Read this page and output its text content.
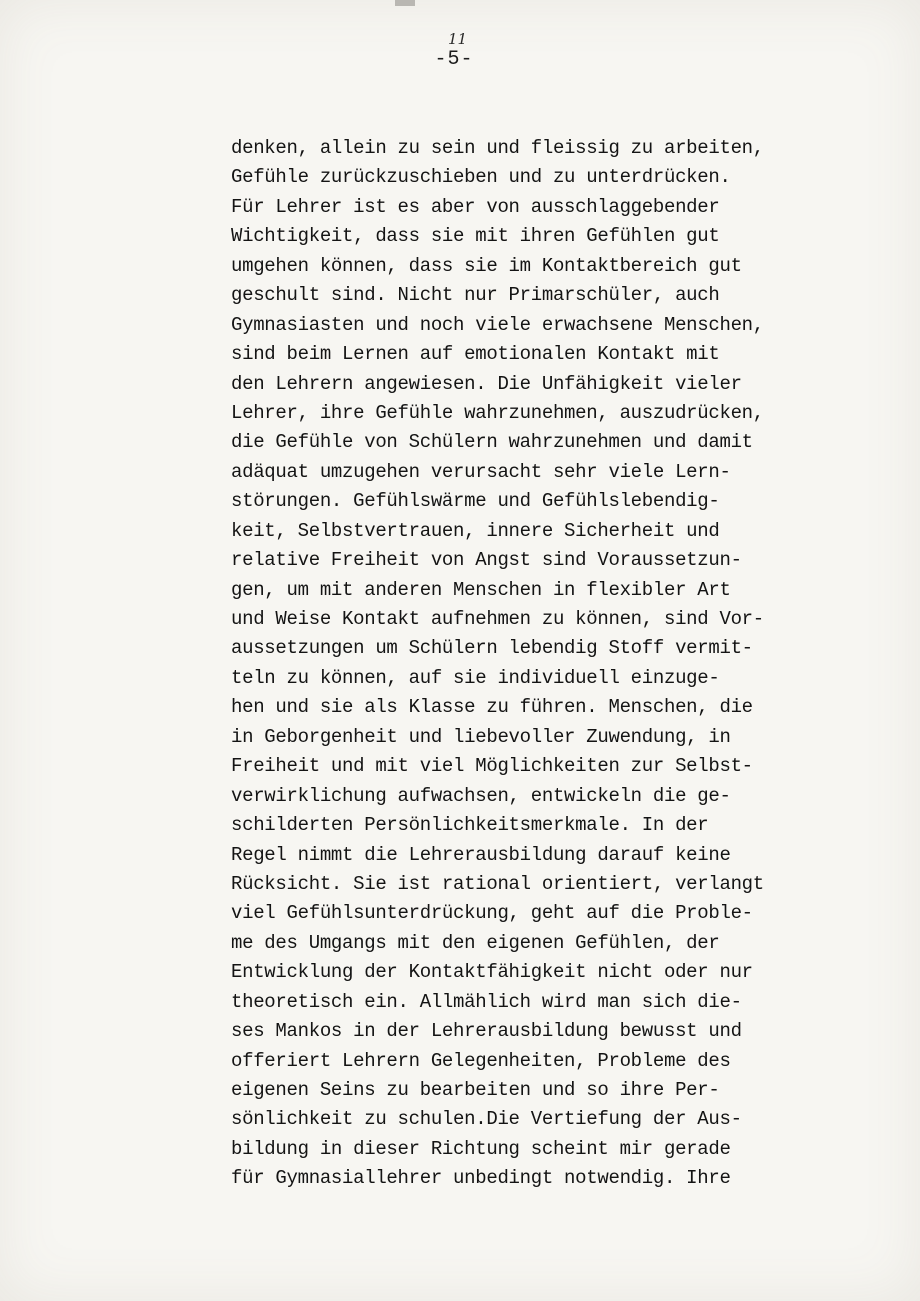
11
-5-
denken, allein zu sein und fleissig zu arbeiten,
Gefühle zurückzuschieben und zu unterdrücken.
Für Lehrer ist es aber von ausschlaggebender
Wichtigkeit, dass sie mit ihren Gefühlen gut
umgehen können, dass sie im Kontaktbereich gut
geschult sind. Nicht nur Primarschüler, auch
Gymnasiasten und noch viele erwachsene Menschen,
sind beim Lernen auf emotionalen Kontakt mit
den Lehrern angewiesen. Die Unfähigkeit vieler
Lehrer, ihre Gefühle wahrzunehmen, auszudrücken,
die Gefühle von Schülern wahrzunehmen und damit
adäquat umzugehen verursacht sehr viele Lern-
störungen. Gefühlswärme und Gefühlslebendig-
keit, Selbstvertrauen, innere Sicherheit und
relative Freiheit von Angst sind Voraussetzun-
gen, um mit anderen Menschen in flexibler Art
und Weise Kontakt aufnehmen zu können, sind Vor-
aussetzungen um Schülern lebendig Stoff vermit-
teln zu können, auf sie individuell einzuge-
hen und sie als Klasse zu führen. Menschen, die
in Geborgenheit und liebevoller Zuwendung, in
Freiheit und mit viel Möglichkeiten zur Selbst-
verwirklichung aufwachsen, entwickeln die ge-
schilderten Persönlichkeitsmerkmale. In der
Regel nimmt die Lehrerausbildung darauf keine
Rücksicht. Sie ist rational orientiert, verlangt
viel Gefühlsunterdrückung, geht auf die Proble-
me des Umgangs mit den eigenen Gefühlen, der
Entwicklung der Kontaktfähigkeit nicht oder nur
theoretisch ein. Allmählich wird man sich die-
ses Mankos in der Lehrerausbildung bewusst und
offeriert Lehrern Gelegenheiten, Probleme des
eigenen Seins zu bearbeiten und so ihre Per-
sönlichkeit zu schulen.Die Vertiefung der Aus-
bildung in dieser Richtung scheint mir gerade
für Gymnasiallehrer unbedingt notwendig. Ihre
